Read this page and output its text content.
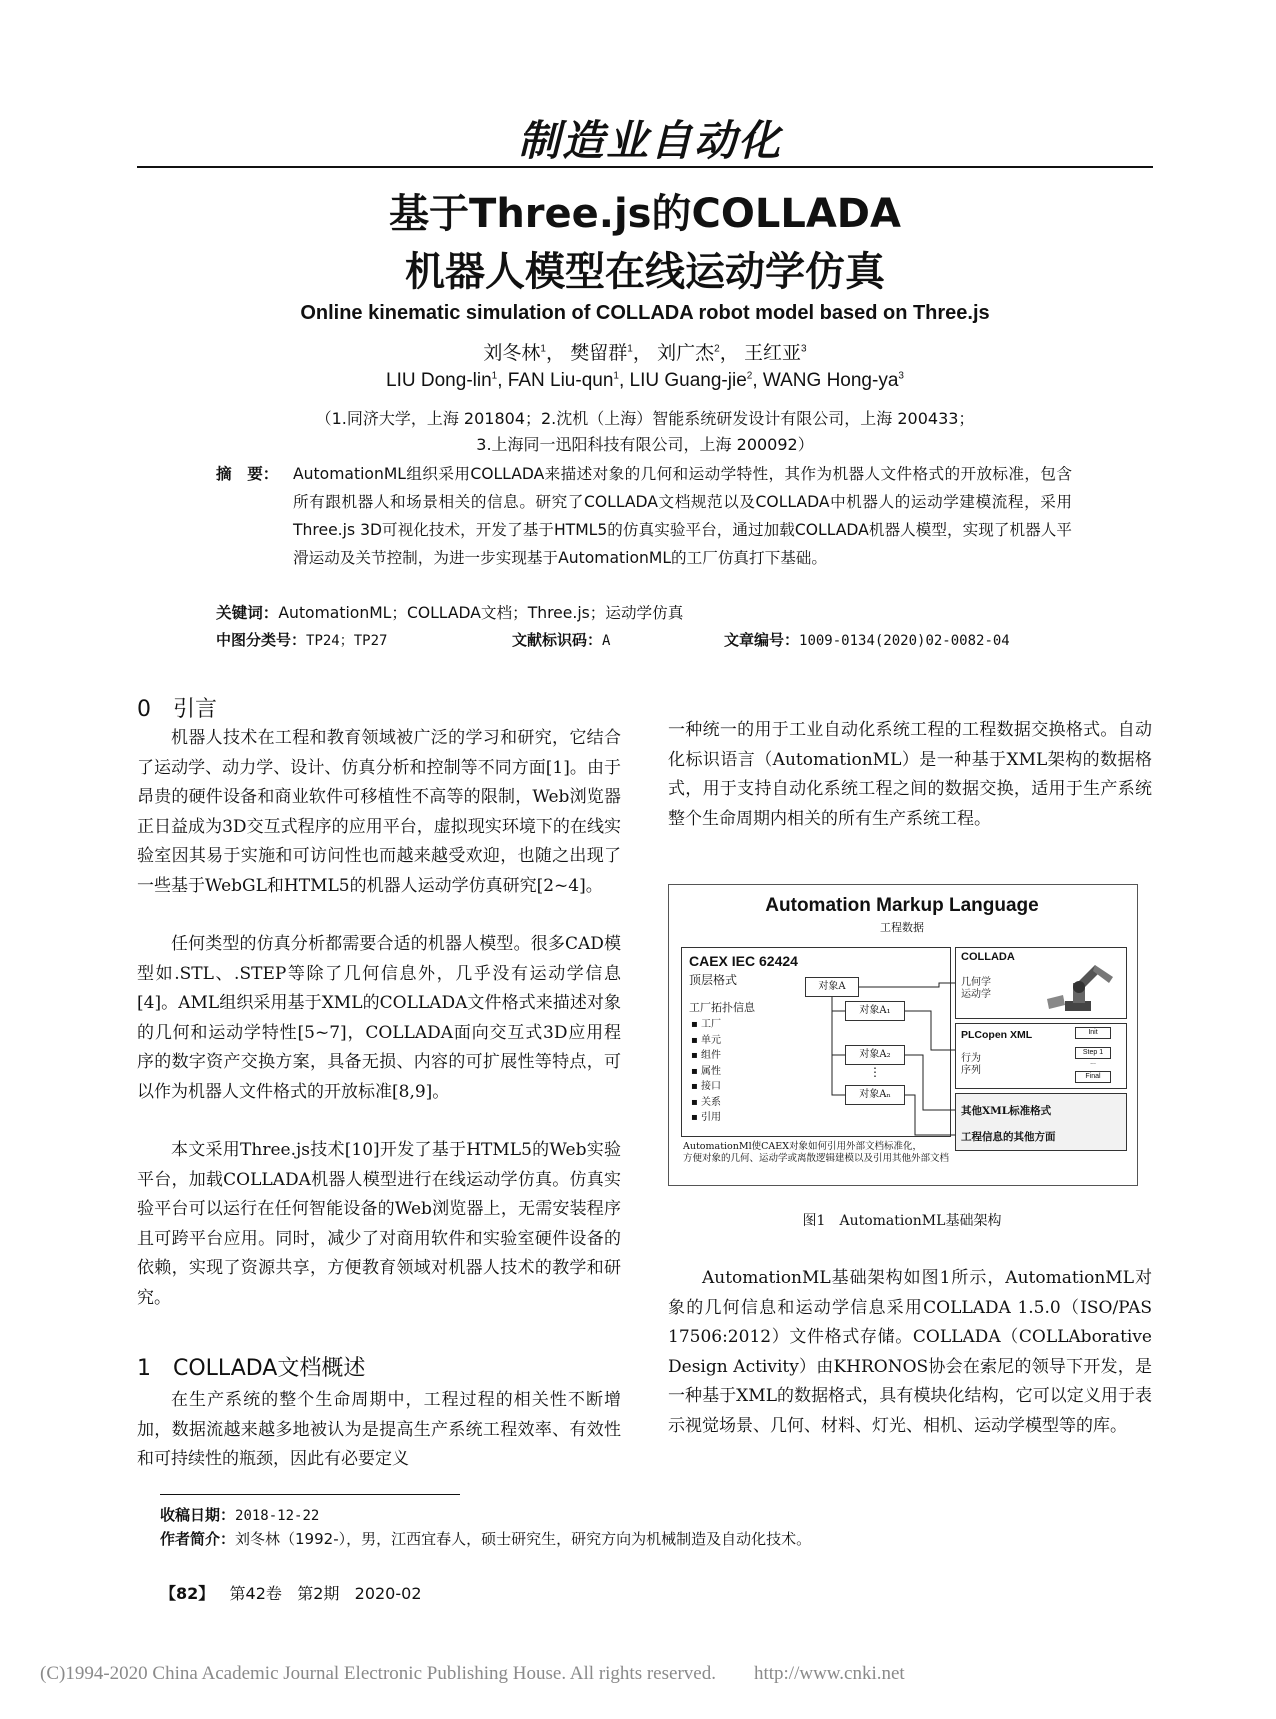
制造业自动化
基于Three.js的COLLADA
机器人模型在线运动学仿真
Online kinematic simulation of COLLADA robot model based on Three.js
刘冬林$^1$， 樊留群$^1$， 刘广杰$^2$， 王红亚$^3$
LIU Dong-lin$^1$, FAN Liu-qun$^1$, LIU Guang-jie$^2$, WANG Hong-$ya^3$
（1.同济大学，上海 201804；2.沈机（上海）智能系统研发设计有限公司，上海 200433；
3.上海同一迅阳科技有限公司，上海 200092）
摘　要： AutomationML组织采用COLLADA来描述对象的几何和运动学特性，其作为机器人文件格式的开放标准，包含所有跟机器人和场景相关的信息。研究了COLLADA文档规范以及COLLADA中机器人的运动学建模流程，采用Three.js 3D可视化技术，开发了基于HTML5的仿真实验平台，通过加载COLLADA机器人模型，实现了机器人平滑运动及关节控制，为进一步实现基于AutomationML的工厂仿真打下基础。
关键词：AutomationML；COLLADA文档；Three.js；运动学仿真
中图分类号：TP24；TP27	文献标识码：A	文章编号：1009-0134(2020)02-0082-04
0　引言
机器人技术在工程和教育领域被广泛的学习和研究，它结合了运动学、动力学、设计、仿真分析和控制等不同方面[1]。由于昂贵的硬件设备和商业软件可移植性不高等的限制，Web浏览器正日益成为3D交互式程序的应用平台，虚拟现实环境下的在线实验室因其易于实施和可访问性也而越来越受欢迎，也随之出现了一些基于WebGL和HTML5的机器人运动学仿真研究[2~4]。
任何类型的仿真分析都需要合适的机器人模型。很多CAD模型如.STL、.STEP等除了几何信息外，几乎没有运动学信息[4]。AML组织采用基于XML的COLLADA文件格式来描述对象的几何和运动学特性[5~7]，COLLADA面向交互式3D应用程序的数字资产交换方案，具备无损、内容的可扩展性等特点，可以作为机器人文件格式的开放标准[8,9]。
本文采用Three.js技术[10]开发了基于HTML5的Web实验平台，加载COLLADA机器人模型进行在线运动学仿真。仿真实验平台可以运行在任何智能设备的Web浏览器上，无需安装程序且可跨平台应用。同时，减少了对商用软件和实验室硬件设备的依赖，实现了资源共享，方便教育领域对机器人技术的教学和研究。
1　COLLADA文档概述
在生产系统的整个生命周期中，工程过程的相关性不断增加，数据流越来越多地被认为是提高生产系统工程效率、有效性和可持续性的瓶颈，因此有必要定义
一种统一的用于工业自动化系统工程的工程数据交换格式。自动化标识语言（AutomationML）是一种基于XML架构的数据格式，用于支持自动化系统工程之间的数据交换，适用于生产系统整个生命周期内相关的所有生产系统工程。
Automation Markup Language
工程数据
CAEX IEC 62424
顶层格式
工厂拓扑信息
▪ 工厂
▪ 单元
▪ 组件
▪ 属性
▪ 接口
▪ 关系
▪ 引用
对象A
对象A₁
对象A₂
⋮
对象Aₙ
COLLADA
几何学
运动学
PLCopen XML
行为
序列
Init
Step 1
...
Final
其他XML标准格式
工程信息的其他方面
AutomationMl使CAEX对象如何引用外部文档标准化，
方便对象的几何、运动学或离散逻辑建模以及引用其他外部文档
图1　AutomationML基础架构
AutomationML基础架构如图1所示，AutomationML对象的几何信息和运动学信息采用COLLADA 1.5.0（ISO/PAS 17506:2012）文件格式存储。COLLADA（COLLAborative Design Activity）由KHRONOS协会在索尼的领导下开发，是一种基于XML的数据格式，具有模块化结构，它可以定义用于表示视觉场景、几何、材料、灯光、相机、运动学模型等的库。
收稿日期：2018-12-22
作者简介：刘冬林（1992-），男，江西宜春人，硕士研究生，研究方向为机械制造及自动化技术。
【82】 第42卷 第2期 2020-02
(C)1994-2020 China Academic Journal Electronic Publishing House. All rights reserved.　　http://www.cnki.net
